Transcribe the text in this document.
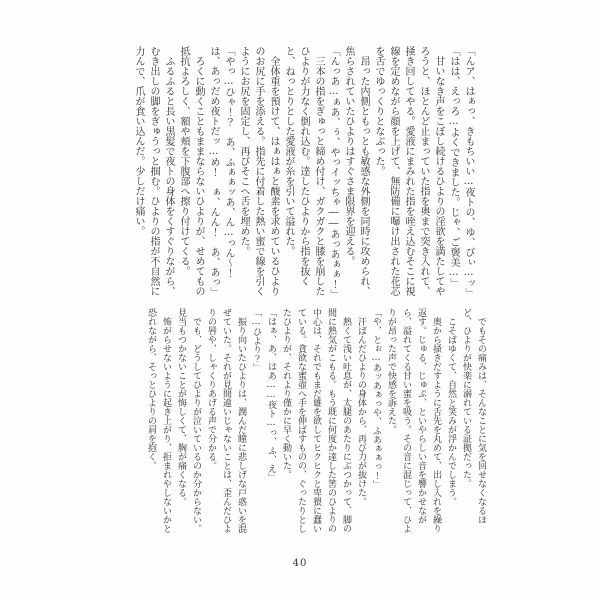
「んア、はぁっ、きもちいい…夜トの、ゆ、びぃ…ッ」

「はは、えっろ…よくできました。じゃ、ご褒美…」

甘いなき声をこぼし続けるひよりの淫欲を満たしてやろうと、ほとんど止まっていた指を奥まで突き入れて、掻き回してやる。愛液にまみれた指を咥え込むそこに視線を定めながら顔を上げて、無防備に曝け出された花芯を舌でゆっくりとなぶった。

昂った内側ともっとも敏感な外側を同時に攻められ、焦らされていたひよりはすぐさま限界を迎える。

「んっあ…ぁあ、ぅ、やっイッちゃ――あっあぁぁ！」

三本の指をぎゅっと締め付け、ガクガクと膝を崩したひよりが力なく倒れ込む。達したひよりから指を抜くと、ねっとりとした愛液が糸を引いて溢れた。

全体重を預けて、はぁはぁと酸素を求めているひよりのお尻に手を添える。指先に付着した熱い蜜で線を引くようにお尻を固定し、再びそこへ舌を埋めた。

「やっ…ひゃ！？　あ、ふぁぁッあ、ん…っん～！　は、あっだめ夜トだッ…め！　ぁ、んん！　あ、あっ」

ろくに動くこともままならないひよりが、せめてもの抵抗よろしく、額や頬を下腹部へ擦り付けてくる。

ふるふると長い黒髪で夜トの身体をくすぐりながら、むき出しの脚をぎゅうっと掴む。ひよりの指が不自然に力んで、爪が食い込んだ。少しだけ痛い。

でもその痛みは、そんなことに気を回せなくなるほど、ひよりが快楽に溺れている証拠だった。

こそばゆくて、自然と笑みが浮かんでしまう。

奥から掻きだすように舌先を丸めて、出し入れを繰り返す。じゅる、じゅぷ、といやらしい音を響かせながら、溢れてくる甘い蜜を吸う。その音に混じって、ひよりが昂った声で快感を訴えた。

「や、とぉ…あッあぁっや、ふあぁぁっ！」

汗ばんだひよりの身体から、再び力が抜けた。

熱くて浅い吐息が、太腿のあたりにぶつかって、脚の間に熱気がこもる。もう既に何度か達した筈のひよりの中心は、それでもまだ雄を欲してヒクヒクと卑猥に蠢いている。貪欲な蜜壺へ手を伸ばすものの、ぐったりとしたひよりが、それより僅かに早く動いた。

「はぁ、あ、はあ……夜ト…っ、ふ、え」

「…ひより？」

振り向いたひよりは、潤んだ瞳に悲しげな戸惑いを混ぜていた。それが見間違いじゃないことは、歪んだひよりの唇や、しゃくりあげる声で分かる。

でも、どうしてひよりが泣いているのか分からない。見当もつかないことが悔しくて、胸が痛くなる。

怖がらせないように起き上がり、拒まれやしないかと恐れながら、そっとひよりの肩を抱く。

40
